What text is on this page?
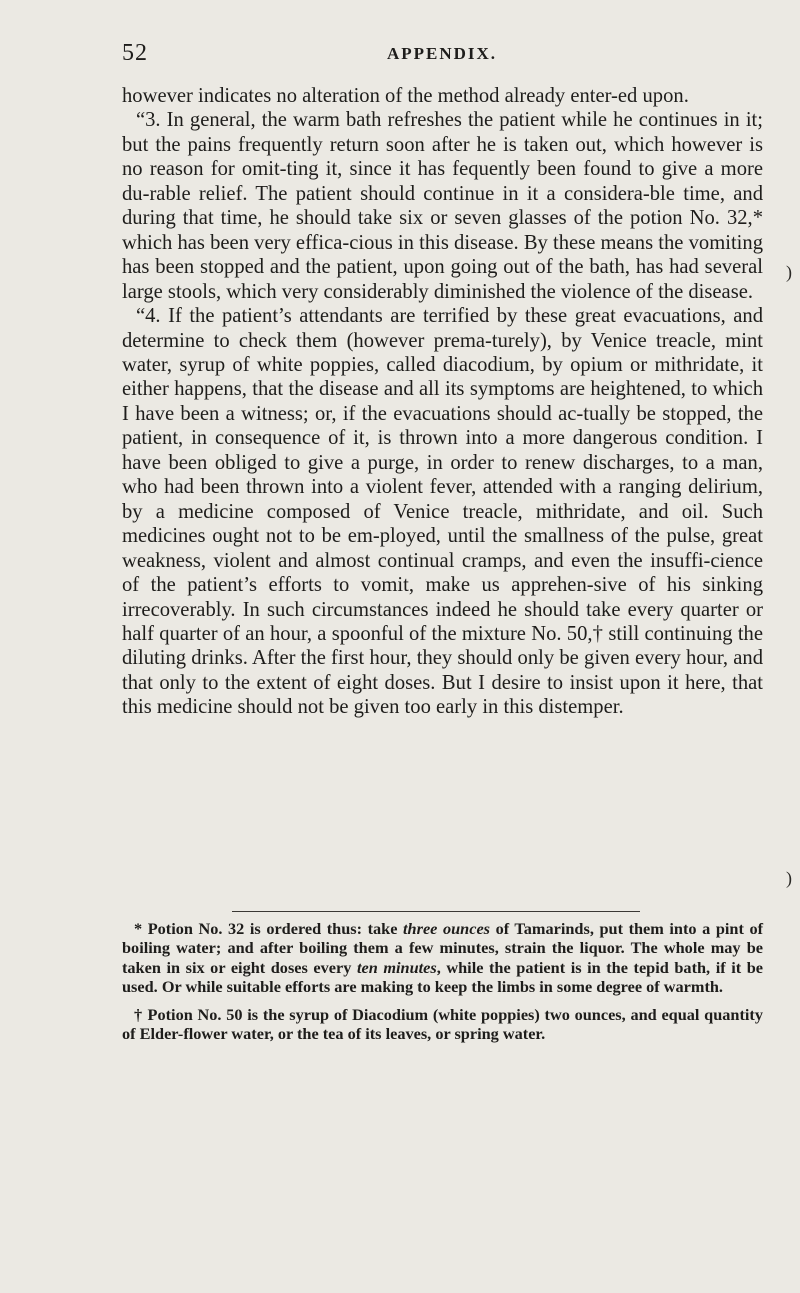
52	APPENDIX.

however indicates no alteration of the method already enter-ed upon.

“3. In general, the warm bath refreshes the patient while he continues in it; but the pains frequently return soon after he is taken out, which however is no reason for omit-ting it, since it has fequently been found to give a more du-rable relief. The patient should continue in it a considera-ble time, and during that time, he should take six or seven glasses of the potion No. 32,* which has been very effica-cious in this disease. By these means the vomiting has been stopped and the patient, upon going out of the bath, has had several large stools, which very considerably diminished the violence of the disease.

“4. If the patient’s attendants are terrified by these great evacuations, and determine to check them (however prema-turely), by Venice treacle, mint water, syrup of white poppies, called diacodium, by opium or mithridate, it either happens, that the disease and all its symptoms are heightened, to which I have been a witness; or, if the evacuations should ac-tually be stopped, the patient, in consequence of it, is thrown into a more dangerous condition. I have been obliged to give a purge, in order to renew discharges, to a man, who had been thrown into a violent fever, attended with a ranging delirium, by a medicine composed of Venice treacle, mithridate, and oil. Such medicines ought not to be em-ployed, until the smallness of the pulse, great weakness, violent and almost continual cramps, and even the insuffi-cience of the patient’s efforts to vomit, make us apprehen-sive of his sinking irrecoverably. In such circumstances indeed he should take every quarter or half quarter of an hour, a spoonful of the mixture No. 50,† still continuing the diluting drinks. After the first hour, they should only be given every hour, and that only to the extent of eight doses. But I desire to insist upon it here, that this medicine should not be given too early in this distemper.

* Potion No. 32 is ordered thus: take three ounces of Tamarinds, put them into a pint of boiling water; and after boiling them a few minutes, strain the liquor. The whole may be taken in six or eight doses every ten minutes, while the patient is in the tepid bath, if it be used. Or while suitable efforts are making to keep the limbs in some degree of warmth.

† Potion No. 50 is the syrup of Diacodium (white poppies) two ounces, and equal quantity of Elder-flower water, or the tea of its leaves, or spring water.

)
)
